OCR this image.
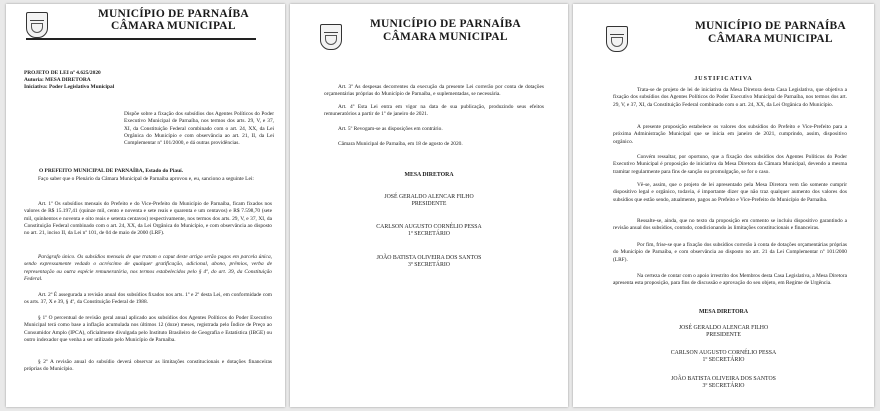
MUNICÍPIO DE PARNAÍBA
CÂMARA MUNICIPAL
PROJETO DE LEI nº 4.625/2020
Autoria: MESA DIRETORA
Iniciativa: Poder Legislativo Municipal
Dispõe sobre a fixação dos subsídios dos Agentes Políticos do Poder Executivo Municipal de Parnaíba, nos termos dos arts. 29, V, e 37, XI, da Constituição Federal combinado com o art. 24, XX, da Lei Orgânica do Município e com observância ao art. 21, II, da Lei Complementar nº 101/2000, e dá outras providências.
O PREFEITO MUNICIPAL DE PARNAÍBA, Estado do Piauí.
Faço saber que o Plenário da Câmara Municipal de Parnaíba aprovou e, eu, sanciono a seguinte Lei:
Art. 1º Os subsídios mensais do Prefeito e do Vice-Prefeito do Município de Parnaíba, ficam fixados nos valores de R$ 15.197,41 (quinze mil, cento e noventa e sete reais e quarenta e um centavos) e R$ 7.598,70 (sete mil, quinhentos e noventa e oito reais e setenta centavos) respectivamente, nos termos dos arts. 29, V, e 37, XI, da Constituição Federal combinado com o art. 24, XX, da Lei Orgânica do Município, e com observância ao disposto no art. 21, inciso II, da Lei nº 101, de 04 de maio de 2000 (LRF).
Parágrafo único. Os subsídios mensais de que tratam o caput deste artigo serão pagos em parcela única, sendo expressamente vedado o acréscimo de qualquer gratificação, adicional, abono, prêmios, verba de representação ou outra espécie remuneratória, nos termos estabelecidos pelo § 4º, do art. 39, da Constituição Federal.
Art. 2º É assegurada a revisão anual dos subsídios fixados nos arts. 1º e 2º desta Lei, em conformidade com os arts. 37, X e 39, § 4º, da Constituição Federal de 1988.
§ 1º O percentual de revisão geral anual aplicado aos subsídios dos Agentes Políticos do Poder Executivo Municipal terá como base a inflação acumulada nos últimos 12 (doze) meses, registrada pelo Índice de Preço ao Consumidor Amplo (IPCA), oficialmente divulgada pelo Instituto Brasileiro de Geografia e Estatística (IBGE) ou outro indexador que venha a ser utilizado pelo Município de Parnaíba.
§ 2º A revisão anual do subsídio deverá observar as limitações constitucionais e dotações financeiras próprias do Município.
MUNICÍPIO DE PARNAÍBA
CÂMARA MUNICIPAL
Art. 3º As despesas decorrentes da execução da presente Lei correrão por conta de dotações orçamentárias próprias do Município de Parnaíba, e suplementadas, se necessária.
Art. 4º Esta Lei entra em vigor na data de sua publicação, produzindo seus efeitos remuneratórios a partir de 1º de janeiro de 2021.
Art. 5º Revogam-se as disposições em contrário.
Câmara Municipal de Parnaíba, em 18 de agosto de 2020.
MESA DIRETORA
JOSÉ GERALDO ALENCAR FILHO
PRESIDENTE
CARLSON AUGUSTO CORNÉLIO PESSA
1º SECRETÁRIO
JOÃO BATISTA OLIVEIRA DOS SANTOS
3º SECRETÁRIO
MUNICÍPIO DE PARNAÍBA
CÂMARA MUNICIPAL
JUSTIFICATIVA
Trata-se de projeto de lei de iniciativa da Mesa Diretora desta Casa Legislativa, que objetiva a fixação dos subsídios dos Agentes Políticos do Poder Executivo Municipal de Parnaíba, nos termos dos art. 29, V, e 37, XI, da Constituição Federal combinado com o art. 24, XX, da Lei Orgânica do Município.
A presente proposição estabelece os valores dos subsídios do Prefeito e Vice-Prefeito para a próxima Administração Municipal que se inicia em janeiro de 2021, cumprindo, assim, dispositivo orgânico.
Convém ressaltar, por oportuno, que a fixação dos subsídios dos Agentes Políticos do Poder Executivo Municipal é proposição de iniciativa da Mesa Diretora da Câmara Municipal, devendo a mesma tramitar regularmente para fins de sanção ou promulgação, se for o caso.
Vê-se, assim, que o projeto de lei apresentado pela Mesa Diretora vem tão somente cumprir dispositivo legal e orgânico, todavia, é importante dizer que não traz qualquer aumento dos valores dos subsídios que estão sendo, atualmente, pagos ao Prefeito e Vice-Prefeito do Município de Parnaíba.
Ressalte-se, ainda, que no texto da proposição em comento se incluiu dispositivo garantindo a revisão anual dos subsídios, contudo, condicionando às limitações constitucionais e financeiras.
Por fim, frise-se que a fixação dos subsídios correrão à conta de dotações orçamentárias próprias do Município de Parnaíba, e com observância ao disposto no art. 21 da Lei Complementar nº 101/2000 (LRF).
Na certeza de contar com o apoio irrestrito dos Membros desta Casa Legislativa, a Mesa Diretora apresenta esta proposição, para fins de discussão e aprovação do seu objeto, em Regime de Urgência.
MESA DIRETORA
JOSÉ GERALDO ALENCAR FILHO
PRESIDENTE
CARLSON AUGUSTO CORNÉLIO PESSA
1º SECRETÁRIO
JOÃO BATISTA OLIVEIRA DOS SANTOS
3º SECRETÁRIO
